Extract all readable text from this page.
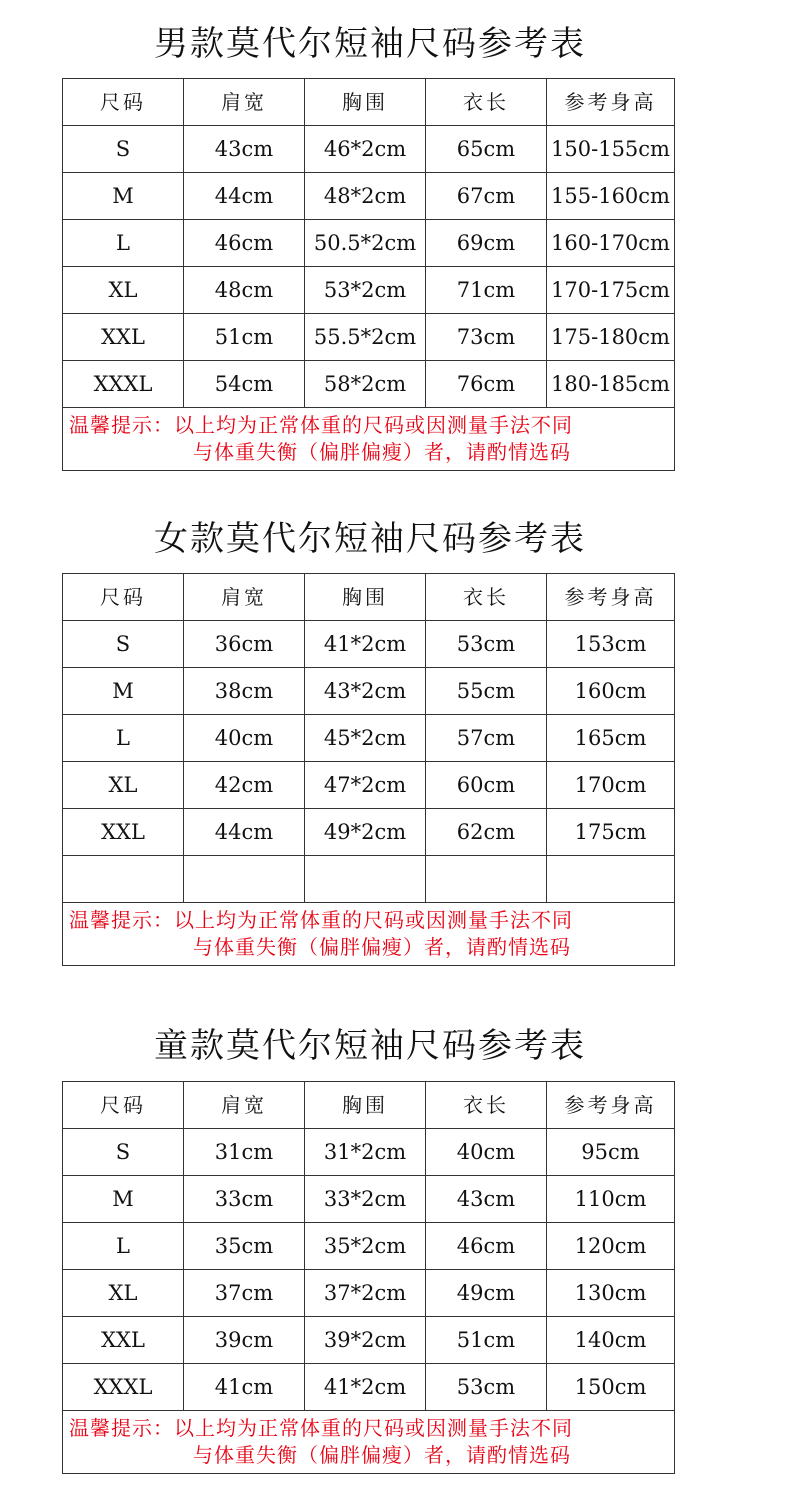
男款莫代尔短袖尺码参考表
尺码	肩宽	胸围	衣长	参考身高
S	43cm	46*2cm	65cm	150-155cm
M	44cm	48*2cm	67cm	155-160cm
L	46cm	50.5*2cm	69cm	160-170cm
XL	48cm	53*2cm	71cm	170-175cm
XXL	51cm	55.5*2cm	73cm	175-180cm
XXXL	54cm	58*2cm	76cm	180-185cm

温馨提示：以上均为正常体重的尺码或因测量手法不同
与体重失衡（偏胖偏瘦）者，请酌情选码				
女款莫代尔短袖尺码参考表
尺码	肩宽	胸围	衣长	参考身高
S	36cm	41*2cm	53cm	153cm
M	38cm	43*2cm	55cm	160cm
L	40cm	45*2cm	57cm	165cm
XL	42cm	47*2cm	60cm	170cm
XXL	44cm	49*2cm	62cm	175cm

温馨提示：以上均为正常体重的尺码或因测量手法不同
与体重失衡（偏胖偏瘦）者，请酌情选码				
童款莫代尔短袖尺码参考表
尺码	肩宽	胸围	衣长	参考身高
S	31cm	31*2cm	40cm	95cm
M	33cm	33*2cm	43cm	110cm
L	35cm	35*2cm	46cm	120cm
XL	37cm	37*2cm	49cm	130cm
XXL	39cm	39*2cm	51cm	140cm
XXXL	41cm	41*2cm	53cm	150cm

温馨提示：以上均为正常体重的尺码或因测量手法不同
与体重失衡（偏胖偏瘦）者，请酌情选码				
